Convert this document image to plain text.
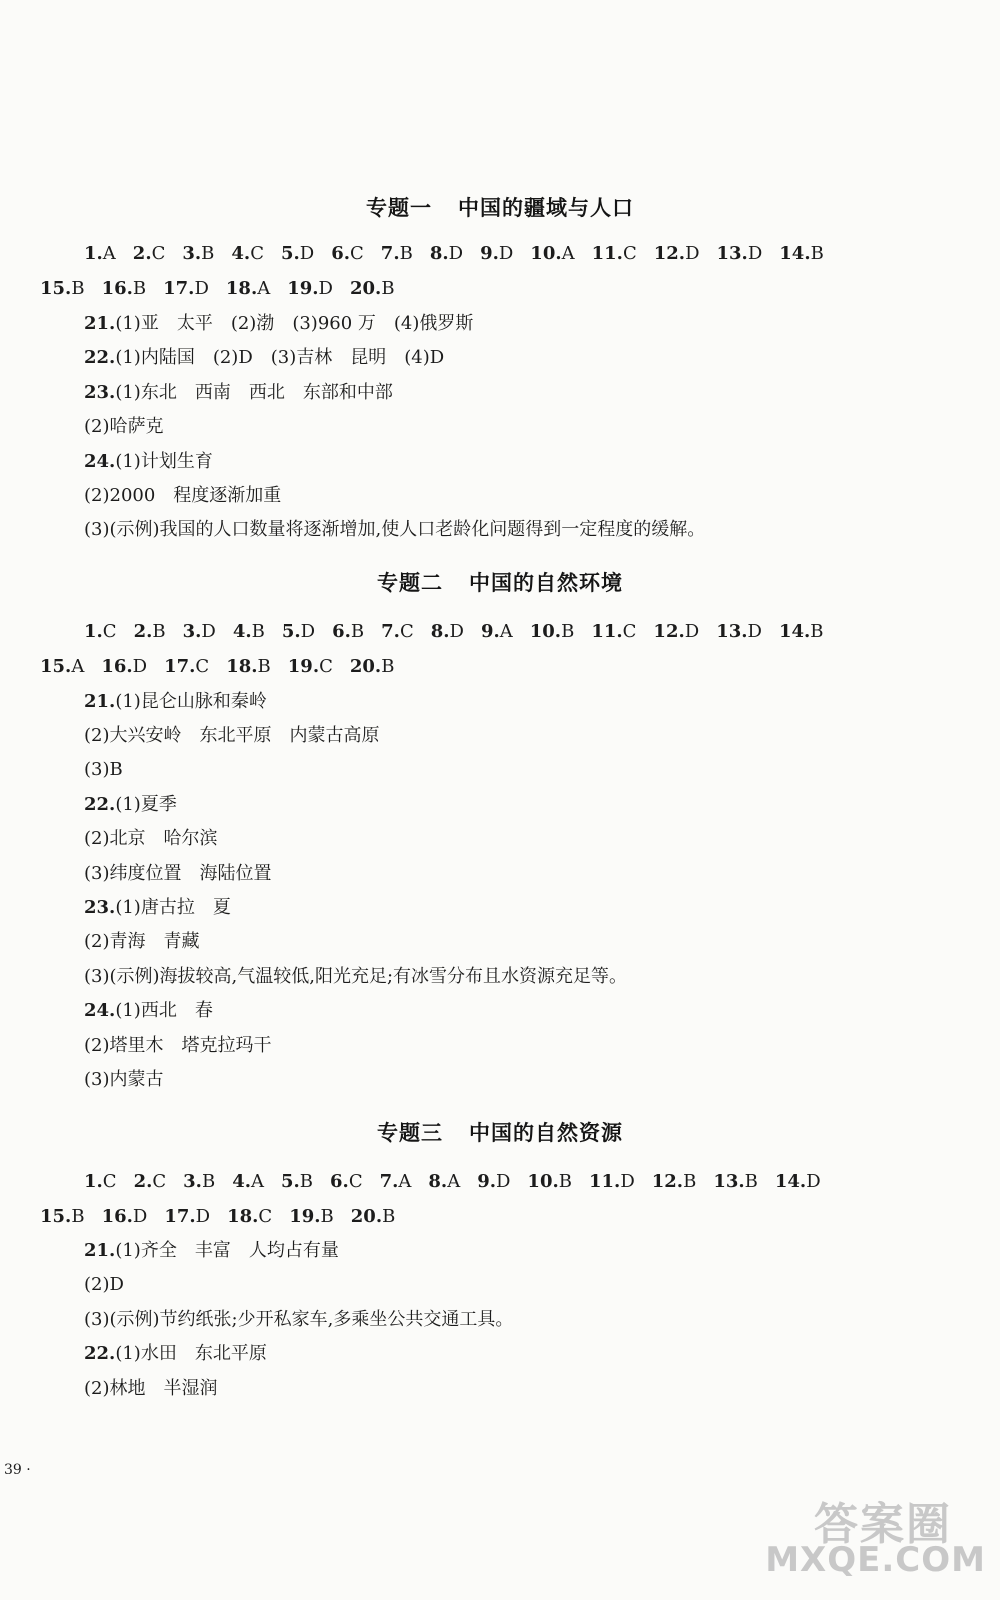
专题一 中国的疆域与人口
1.A 2.C 3.B 4.C 5.D 6.C 7.B 8.D 9.D 10.A 11.C 12.D 13.D 14.B
15.B 16.B 17.D 18.A 19.D 20.B
21.(1)亚　太平　(2)渤　(3)960 万　(4)俄罗斯
22.(1)内陆国　(2)D　(3)吉林　昆明　(4)D
23.(1)东北　西南　西北　东部和中部
(2)哈萨克
24.(1)计划生育
(2)2000　程度逐渐加重
(3)(示例)我国的人口数量将逐渐增加,使人口老龄化问题得到一定程度的缓解。
专题二 中国的自然环境
1.C 2.B 3.D 4.B 5.D 6.B 7.C 8.D 9.A 10.B 11.C 12.D 13.D 14.B
15.A 16.D 17.C 18.B 19.C 20.B
21.(1)昆仑山脉和秦岭
(2)大兴安岭　东北平原　内蒙古高原
(3)B
22.(1)夏季
(2)北京　哈尔滨
(3)纬度位置　海陆位置
23.(1)唐古拉　夏
(2)青海　青藏
(3)(示例)海拔较高,气温较低,阳光充足;有冰雪分布且水资源充足等。
24.(1)西北　春
(2)塔里木　塔克拉玛干
(3)内蒙古
专题三 中国的自然资源
1.C 2.C 3.B 4.A 5.B 6.C 7.A 8.A 9.D 10.B 11.D 12.B 13.B 14.D
15.B 16.D 17.D 18.C 19.B 20.B
21.(1)齐全　丰富　人均占有量
(2)D
(3)(示例)节约纸张;少开私家车,多乘坐公共交通工具。
22.(1)水田　东北平原
(2)林地　半湿润
39 ·
答案圈
MXQE.COM
